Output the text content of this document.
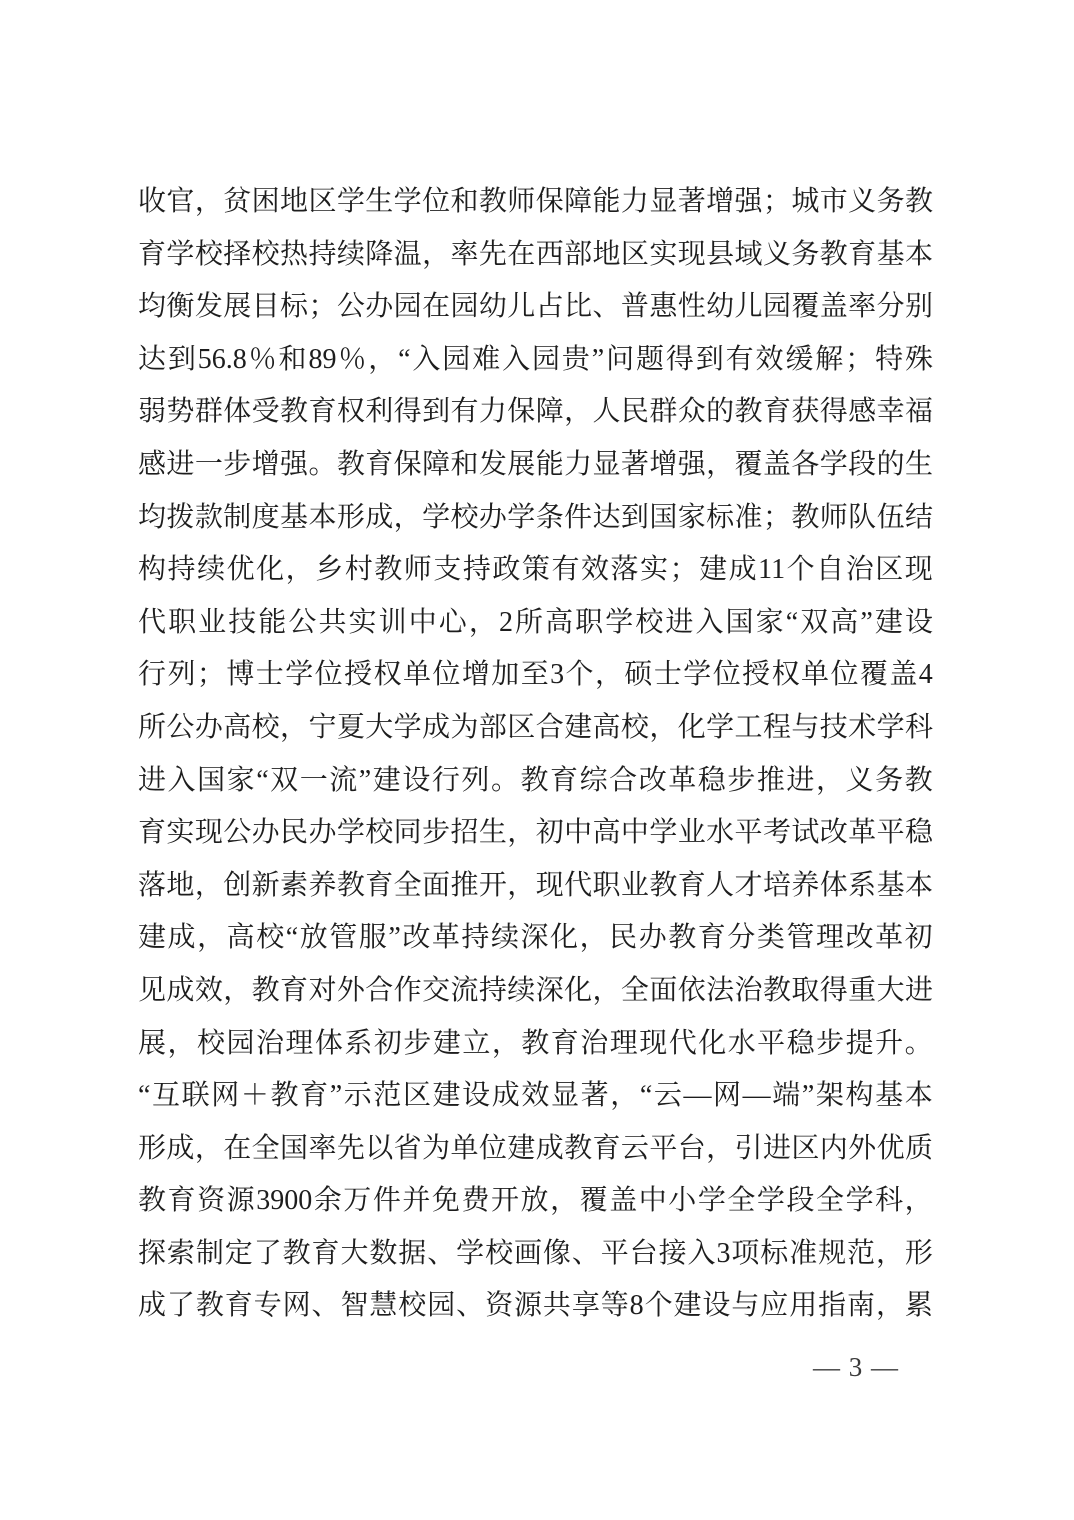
收 官 ， 贫 困 地 区 学 生 学 位 和 教 师 保 障 能 力 显 著 增 强 ； 城 市 义 务 教
育 学 校 择 校 热 持 续 降 温 ， 率 先 在 西 部 地 区 实 现 县 域 义 务 教 育 基 本
均 衡 发 展 目 标 ； 公 办 园 在 园 幼 儿 占 比 、 普 惠 性 幼 儿 园 覆 盖 率 分 别
达 到 56.8 ％ 和 89 ％ ， “ 入 园 难 入 园 贵 ” 问 题 得 到 有 效 缓 解 ； 特 殊
弱 势 群 体 受 教 育 权 利 得 到 有 力 保 障 ， 人 民 群 众 的 教 育 获 得 感 幸 福
感 进 一 步 增 强 。 教 育 保 障 和 发 展 能 力 显 著 增 强 ， 覆 盖 各 学 段 的 生
均 拨 款 制 度 基 本 形 成 ， 学 校 办 学 条 件 达 到 国 家 标 准 ； 教 师 队 伍 结
构 持 续 优 化 ， 乡 村 教 师 支 持 政 策 有 效 落 实 ； 建 成 11 个 自 治 区 现
代 职 业 技 能 公 共 实 训 中 心 ， 2 所 高 职 学 校 进 入 国 家 “ 双 高 ” 建 设
行 列 ； 博 士 学 位 授 权 单 位 增 加 至 3 个 ， 硕 士 学 位 授 权 单 位 覆 盖 4
所 公 办 高 校 ， 宁 夏 大 学 成 为 部 区 合 建 高 校 ， 化 学 工 程 与 技 术 学 科
进 入 国 家 “ 双 一 流 ” 建 设 行 列 。 教 育 综 合 改 革 稳 步 推 进 ， 义 务 教
育 实 现 公 办 民 办 学 校 同 步 招 生 ， 初 中 高 中 学 业 水 平 考 试 改 革 平 稳
落 地 ， 创 新 素 养 教 育 全 面 推 开 ， 现 代 职 业 教 育 人 才 培 养 体 系 基 本
建 成 ， 高 校 “ 放 管 服 ” 改 革 持 续 深 化 ， 民 办 教 育 分 类 管 理 改 革 初
见 成 效 ， 教 育 对 外 合 作 交 流 持 续 深 化 ， 全 面 依 法 治 教 取 得 重 大 进
展 ， 校 园 治 理 体 系 初 步 建 立 ， 教 育 治 理 现 代 化 水 平 稳 步 提 升 。
“ 互 联 网 ＋ 教 育 ” 示 范 区 建 设 成 效 显 著 ， “ 云 — 网 — 端 ” 架 构 基 本
形 成 ， 在 全 国 率 先 以 省 为 单 位 建 成 教 育 云 平 台 ， 引 进 区 内 外 优 质
教 育 资 源 3900 余 万 件 并 免 费 开 放 ， 覆 盖 中 小 学 全 学 段 全 学 科 ，
探 索 制 定 了 教 育 大 数 据 、 学 校 画 像 、 平 台 接 入 3 项 标 准 规 范 ， 形
成 了 教 育 专 网 、 智 慧 校 园 、 资 源 共 享 等 8 个 建 设 与 应 用 指 南 ， 累
— 3 —
